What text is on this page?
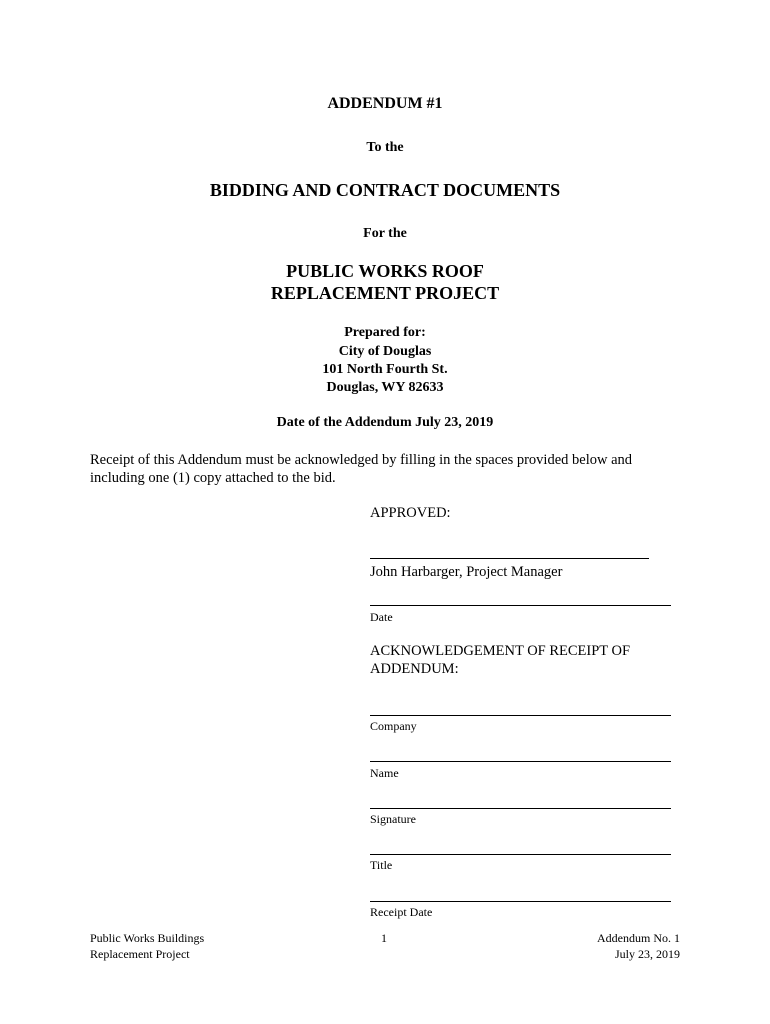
ADDENDUM #1
To the
BIDDING AND CONTRACT DOCUMENTS
For the
PUBLIC WORKS ROOF
REPLACEMENT PROJECT
Prepared for:
City of Douglas
101 North Fourth St.
Douglas, WY 82633
Date of the Addendum July 23, 2019
Receipt of this Addendum must be acknowledged by filling in the spaces provided below and
including one (1) copy attached to the bid.
APPROVED:
John Harbarger, Project Manager
Date
ACKNOWLEDGEMENT OF RECEIPT OF
ADDENDUM:
Company
Name
Signature
Title
Receipt Date
Public Works Buildings
Replacement Project
1	Addendum No. 1
July 23, 2019
